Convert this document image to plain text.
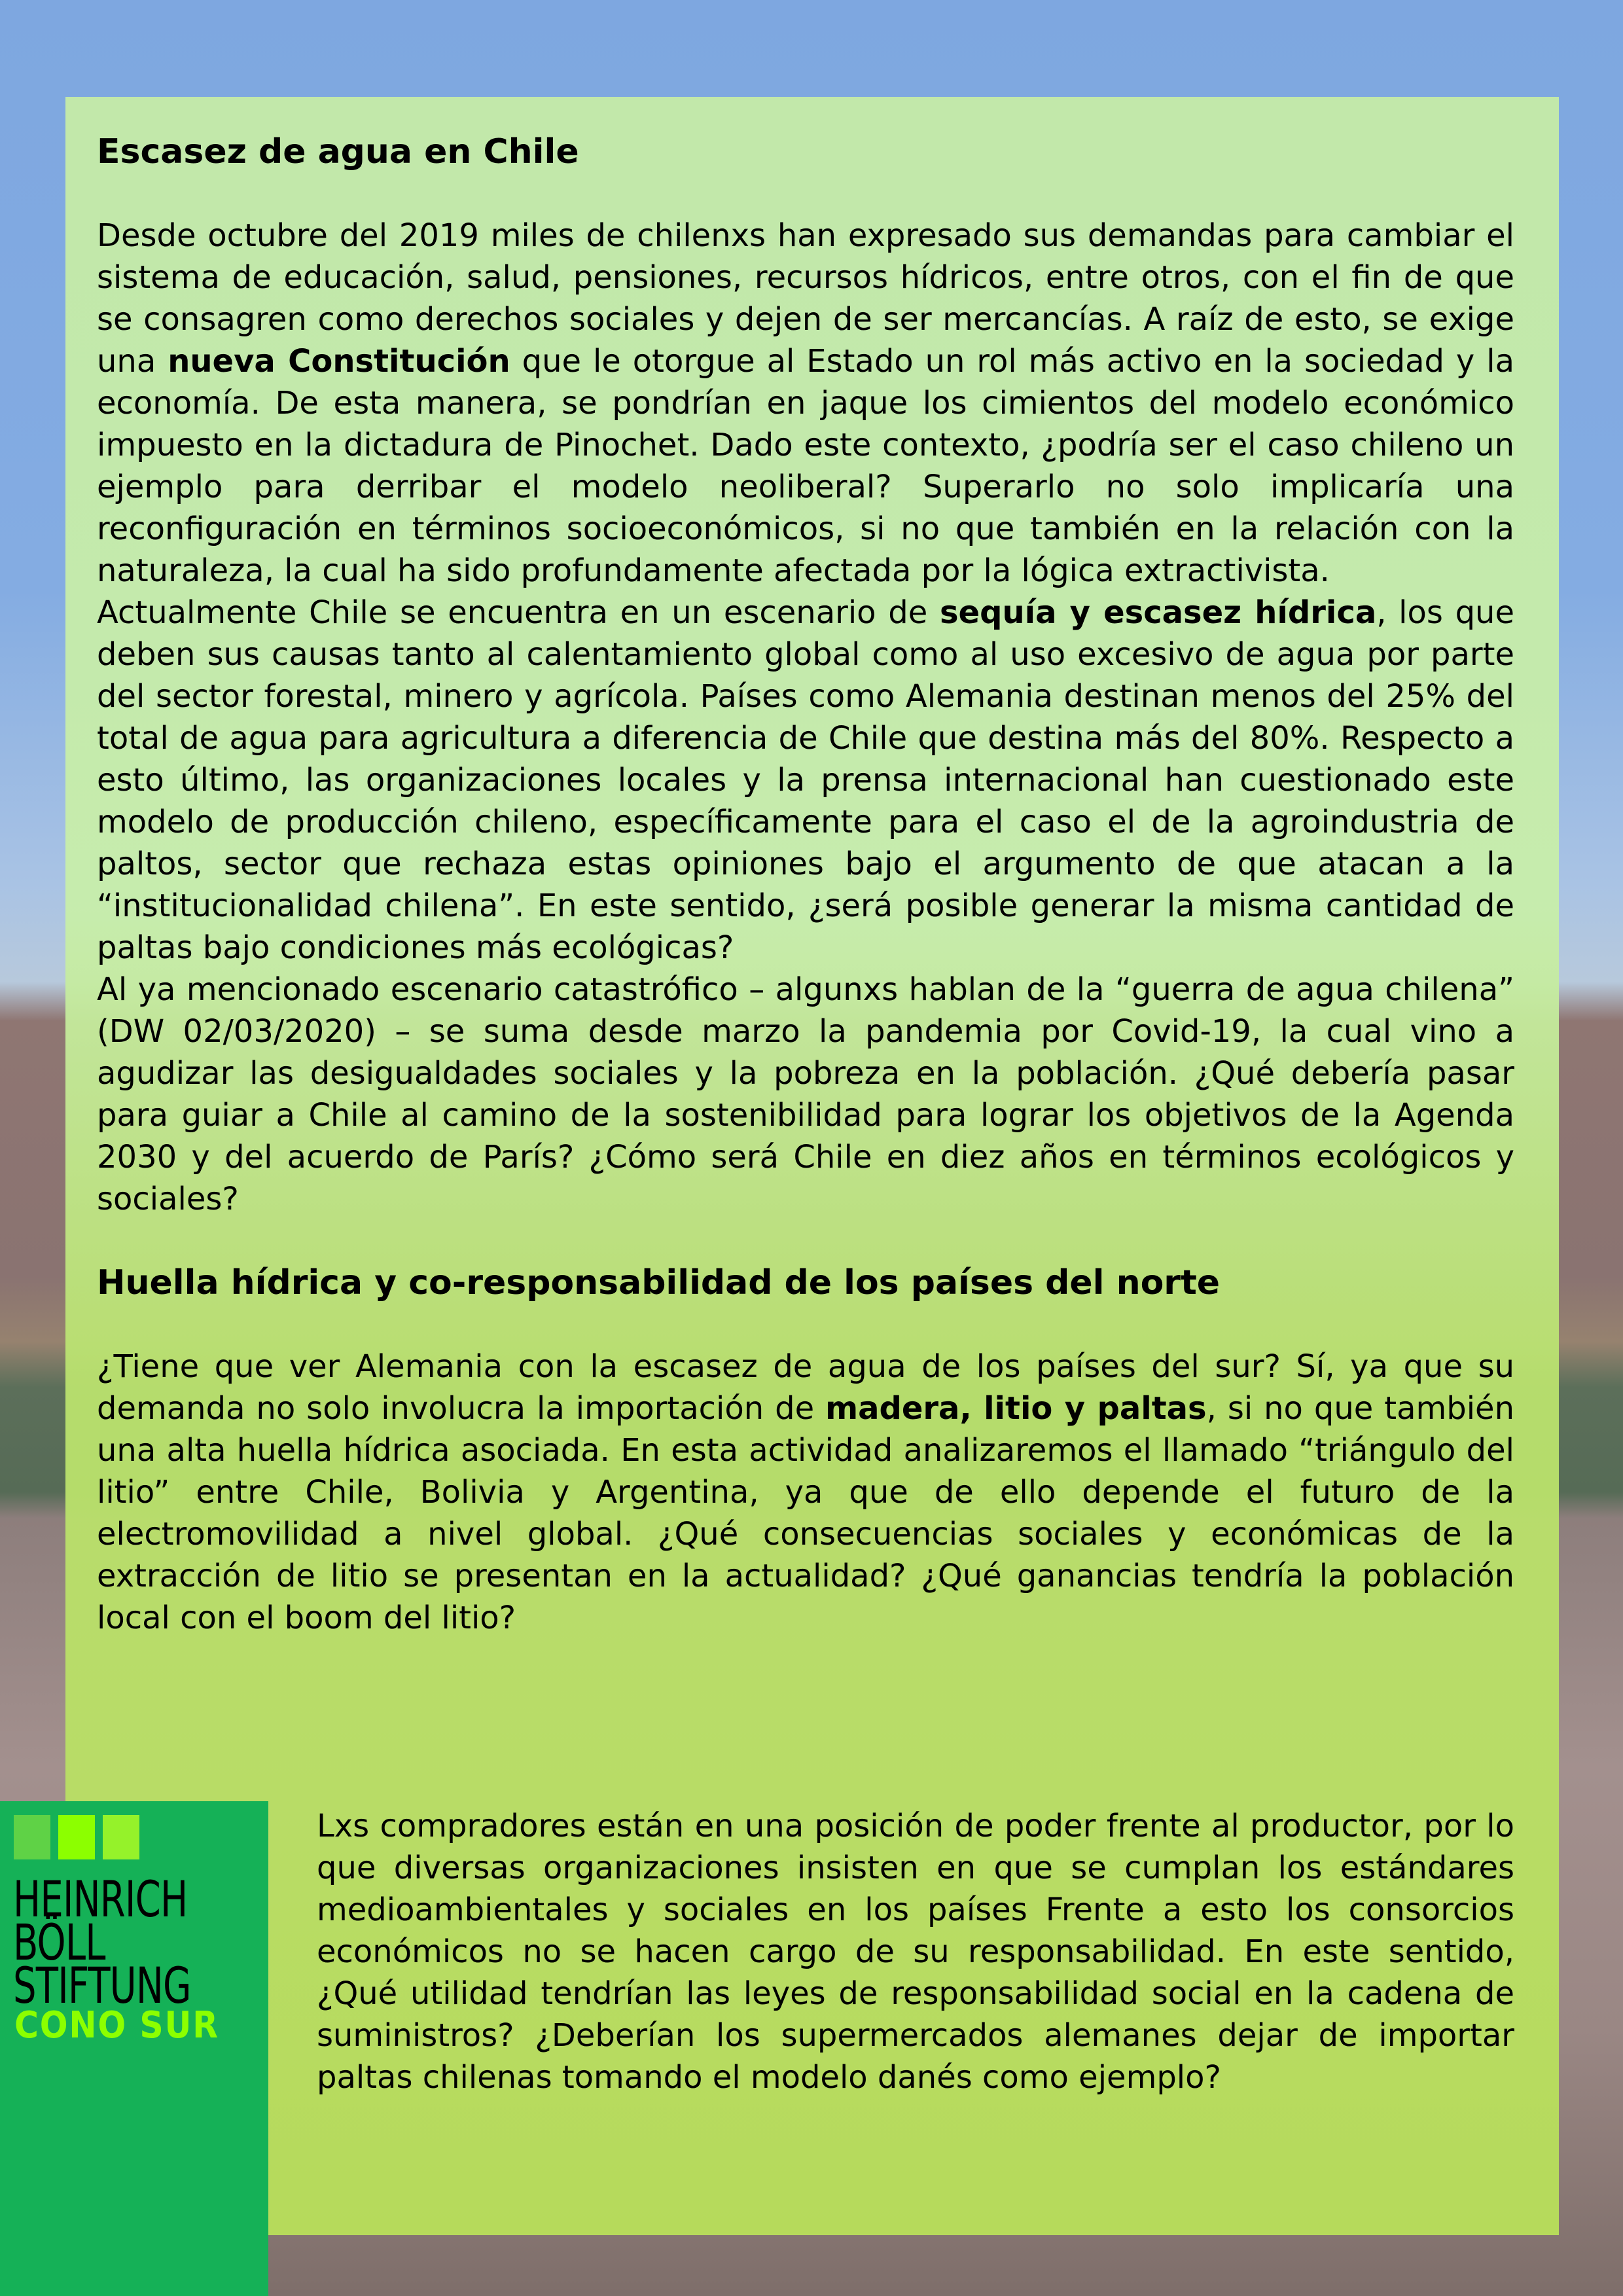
Escasez de agua en Chile

Desde octubre del 2019 miles de chilenxs han expresado sus demandas para cambiar el sistema de educación, salud, pensiones, recursos hídricos, entre otros, con el fin de que se consagren como derechos sociales y dejen de ser mercancías. A raíz de esto, se exige una nueva Constitución que le otorgue al Estado un rol más activo en la sociedad y la economía. De esta manera, se pondrían en jaque los cimientos del modelo económico impuesto en la dictadura de Pinochet. Dado este contexto, ¿podría ser el caso chileno un ejemplo para derribar el modelo neoliberal? Superarlo no solo implicaría una reconfiguración en términos socioeconómicos, si no que también en la relación con la naturaleza, la cual ha sido profundamente afectada por la lógica extractivista.

Actualmente Chile se encuentra en un escenario de sequía y escasez hídrica, los que deben sus causas tanto al calentamiento global como al uso excesivo de agua por parte del sector forestal, minero y agrícola. Países como Alemania destinan menos del 25% del total de agua para agricultura a diferencia de Chile que destina más del 80%. Respecto a esto último, las organizaciones locales y la prensa internacional han cuestionado este modelo de producción chileno, específicamente para el caso el de la agroindustria de paltos, sector que rechaza estas opiniones bajo el argumento de que atacan a la “institucionalidad chilena”. En este sentido, ¿será posible generar la misma cantidad de paltas bajo condiciones más ecológicas?

Al ya mencionado escenario catastrófico – algunxs hablan de la “guerra de agua chilena” (DW 02/03/2020) – se suma desde marzo la pandemia por Covid-19, la cual vino a agudizar las desigualdades sociales y la pobreza en la población. ¿Qué debería pasar para guiar a Chile al camino de la sostenibilidad para lograr los objetivos de la Agenda 2030 y del acuerdo de París? ¿Cómo será Chile en diez años en términos ecológicos y sociales?

Huella hídrica y co-responsabilidad de los países del norte

¿Tiene que ver Alemania con la escasez de agua de los países del sur? Sí, ya que su demanda no solo involucra la importación de madera, litio y paltas, si no que también una alta huella hídrica asociada. En esta actividad analizaremos el llamado “triángulo del litio” entre Chile, Bolivia y Argentina, ya que de ello depende el futuro de la electromovilidad a nivel global. ¿Qué consecuencias sociales y económicas de la extracción de litio se presentan en la actualidad? ¿Qué ganancias tendría la población local con el boom del litio?

Lxs compradores están en una posición de poder frente al productor, por lo que diversas organizaciones insisten en que se cumplan los estándares medioambientales y sociales en los países Frente a esto los consorcios económicos no se hacen cargo de su responsabilidad. En este sentido, ¿Qué utilidad tendrían las leyes de responsabilidad social en la cadena de suministros? ¿Deberían los supermercados alemanes dejar de importar paltas chilenas tomando el modelo danés como ejemplo?

HEINRICH
BÖLL
STIFTUNG
CONO SUR
